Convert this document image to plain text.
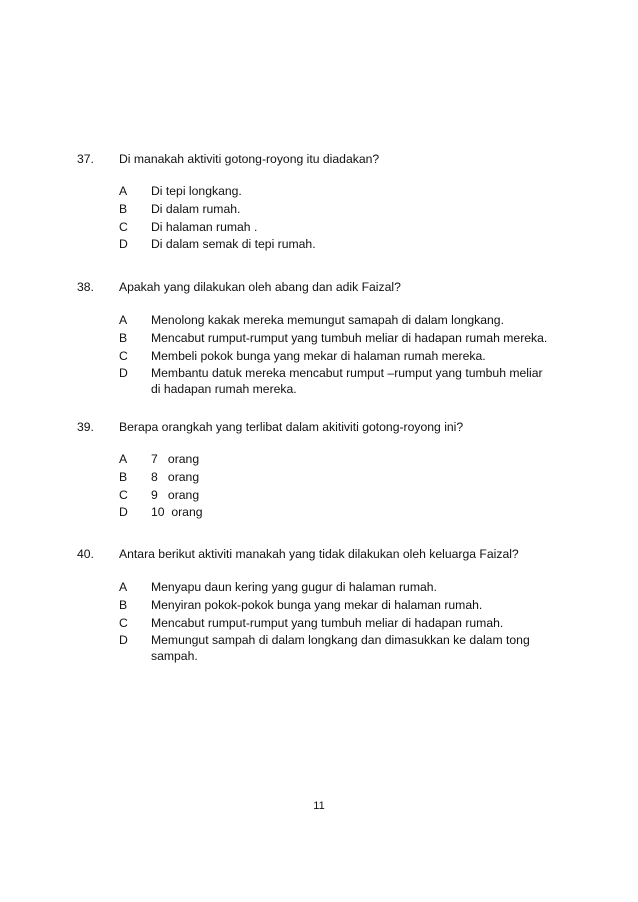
37. Di manakah aktiviti gotong-royong itu diadakan?
A Di tepi longkang.
B Di dalam rumah.
C Di halaman rumah .
D Di dalam semak di tepi rumah.
38. Apakah yang dilakukan oleh abang dan adik Faizal?
A Menolong kakak mereka memungut samapah di dalam longkang.
B Mencabut rumput-rumput yang tumbuh meliar di hadapan rumah mereka.
C Membeli pokok bunga yang mekar di halaman rumah mereka.
D Membantu datuk mereka mencabut rumput –rumput yang tumbuh meliar di hadapan rumah mereka.
39. Berapa orangkah yang terlibat dalam akitiviti gotong-royong ini?
A 7   orang
B 8   orang
C 9   orang
D 10  orang
40. Antara berikut aktiviti manakah yang tidak dilakukan oleh keluarga Faizal?
A Menyapu daun kering yang gugur di halaman rumah.
B Menyiran pokok-pokok bunga yang mekar di halaman rumah.
C Mencabut rumput-rumput yang tumbuh meliar di hadapan rumah.
D Memungut sampah di dalam longkang dan dimasukkan ke dalam tong sampah.
11
